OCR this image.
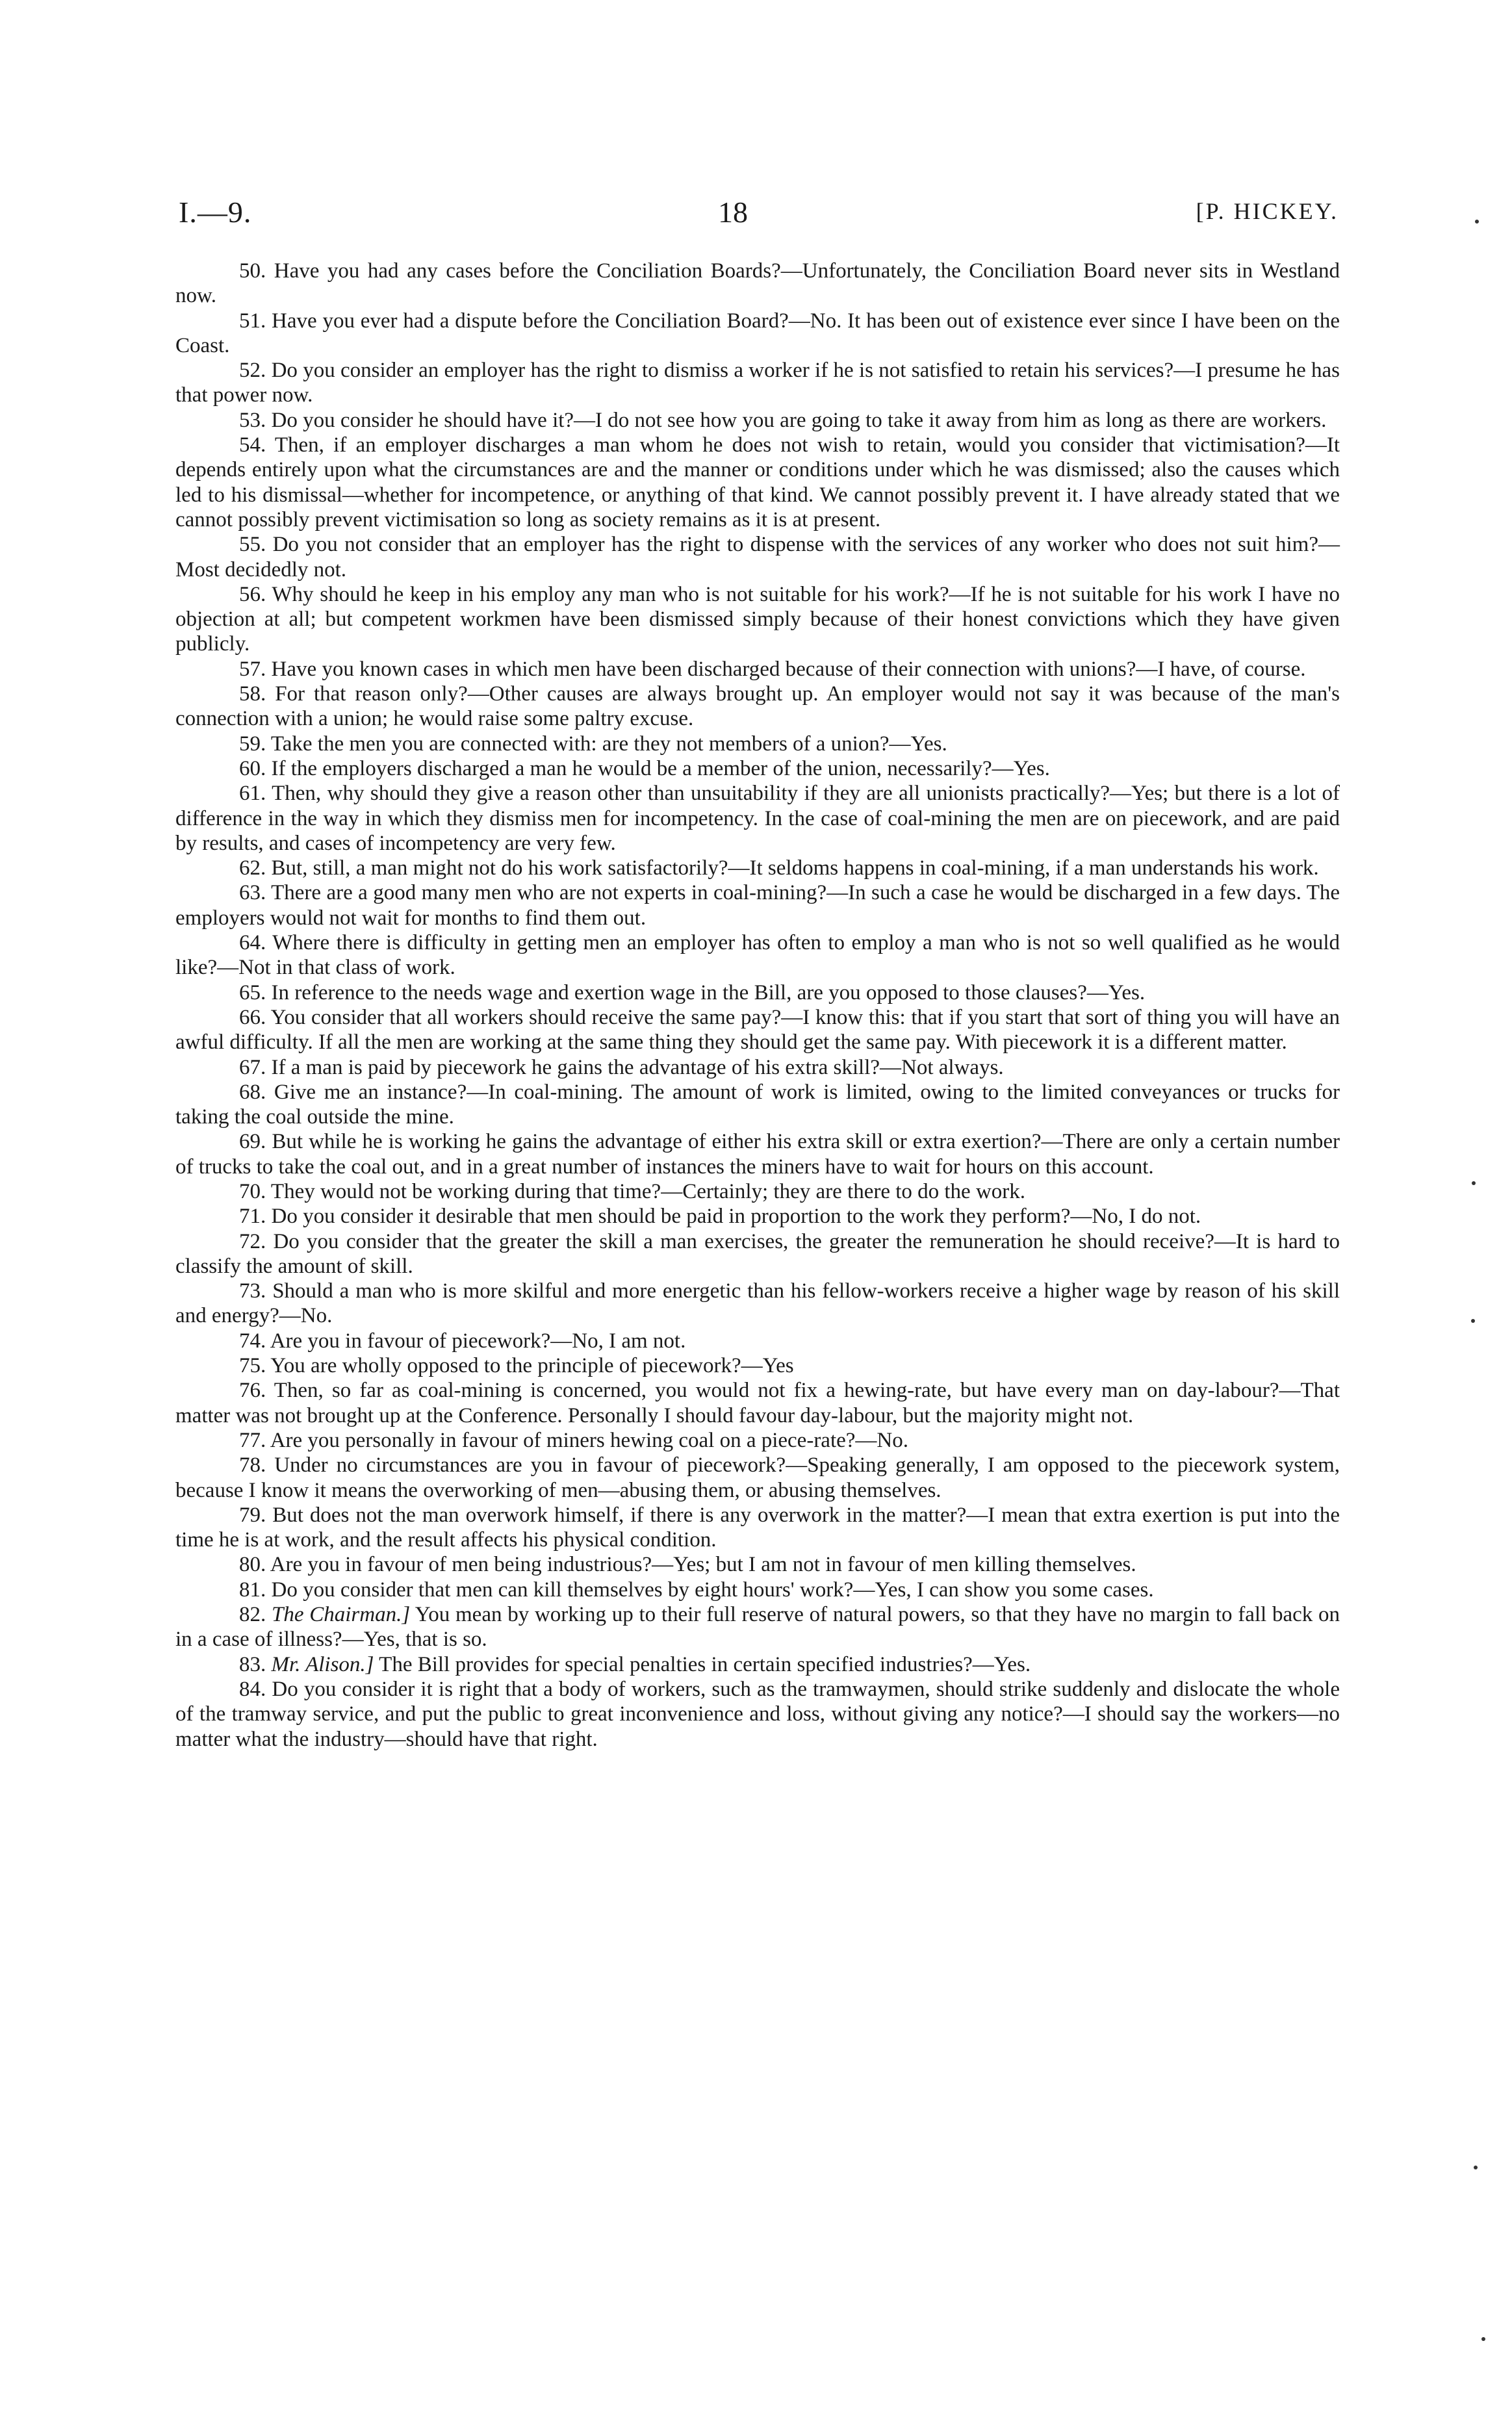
I.—9.	18	[P. HICKEY.

50. Have you had any cases before the Conciliation Boards?—Unfortunately, the Conciliation Board never sits in Westland now.

51. Have you ever had a dispute before the Conciliation Board?—No. It has been out of existence ever since I have been on the Coast.

52. Do you consider an employer has the right to dismiss a worker if he is not satisfied to retain his services?—I presume he has that power now.

53. Do you consider he should have it?—I do not see how you are going to take it away from him as long as there are workers.

54. Then, if an employer discharges a man whom he does not wish to retain, would you consider that victimisation?—It depends entirely upon what the circumstances are and the manner or conditions under which he was dismissed; also the causes which led to his dismissal—whether for incompetence, or anything of that kind. We cannot possibly prevent it. I have already stated that we cannot possibly prevent victimisation so long as society remains as it is at present.

55. Do you not consider that an employer has the right to dispense with the services of any worker who does not suit him?—Most decidedly not.

56. Why should he keep in his employ any man who is not suitable for his work?—If he is not suitable for his work I have no objection at all; but competent workmen have been dismissed simply because of their honest convictions which they have given publicly.

57. Have you known cases in which men have been discharged because of their connection with unions?—I have, of course.

58. For that reason only?—Other causes are always brought up. An employer would not say it was because of the man's connection with a union; he would raise some paltry excuse.

59. Take the men you are connected with: are they not members of a union?—Yes.

60. If the employers discharged a man he would be a member of the union, necessarily?—Yes.

61. Then, why should they give a reason other than unsuitability if they are all unionists practically?—Yes; but there is a lot of difference in the way in which they dismiss men for incompetency. In the case of coal-mining the men are on piecework, and are paid by results, and cases of incompetency are very few.

62. But, still, a man might not do his work satisfactorily?—It seldoms happens in coal-mining, if a man understands his work.

63. There are a good many men who are not experts in coal-mining?—In such a case he would be discharged in a few days. The employers would not wait for months to find them out.

64. Where there is difficulty in getting men an employer has often to employ a man who is not so well qualified as he would like?—Not in that class of work.

65. In reference to the needs wage and exertion wage in the Bill, are you opposed to those clauses?—Yes.

66. You consider that all workers should receive the same pay?—I know this: that if you start that sort of thing you will have an awful difficulty. If all the men are working at the same thing they should get the same pay. With piecework it is a different matter.

67. If a man is paid by piecework he gains the advantage of his extra skill?—Not always.

68. Give me an instance?—In coal-mining. The amount of work is limited, owing to the limited conveyances or trucks for taking the coal outside the mine.

69. But while he is working he gains the advantage of either his extra skill or extra exertion?—There are only a certain number of trucks to take the coal out, and in a great number of instances the miners have to wait for hours on this account.

70. They would not be working during that time?—Certainly; they are there to do the work.

71. Do you consider it desirable that men should be paid in proportion to the work they perform?—No, I do not.

72. Do you consider that the greater the skill a man exercises, the greater the remuneration he should receive?—It is hard to classify the amount of skill.

73. Should a man who is more skilful and more energetic than his fellow-workers receive a higher wage by reason of his skill and energy?—No.

74. Are you in favour of piecework?—No, I am not.

75. You are wholly opposed to the principle of piecework?—Yes

76. Then, so far as coal-mining is concerned, you would not fix a hewing-rate, but have every man on day-labour?—That matter was not brought up at the Conference. Personally I should favour day-labour, but the majority might not.

77. Are you personally in favour of miners hewing coal on a piece-rate?—No.

78. Under no circumstances are you in favour of piecework?—Speaking generally, I am opposed to the piecework system, because I know it means the overworking of men—abusing them, or abusing themselves.

79. But does not the man overwork himself, if there is any overwork in the matter?—I mean that extra exertion is put into the time he is at work, and the result affects his physical condition.

80. Are you in favour of men being industrious?—Yes; but I am not in favour of men killing themselves.

81. Do you consider that men can kill themselves by eight hours' work?—Yes, I can show you some cases.

82. The Chairman.] You mean by working up to their full reserve of natural powers, so that they have no margin to fall back on in a case of illness?—Yes, that is so.

83. Mr. Alison.] The Bill provides for special penalties in certain specified industries?—Yes.

84. Do you consider it is right that a body of workers, such as the tramwaymen, should strike suddenly and dislocate the whole of the tramway service, and put the public to great inconvenience and loss, without giving any notice?—I should say the workers—no matter what the industry—should have that right.
